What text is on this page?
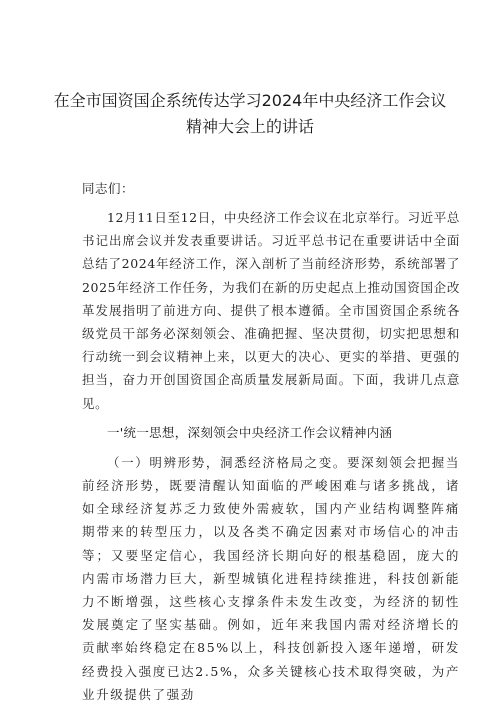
在全市国资国企系统传达学习2024年中央经济工作会议
精神大会上的讲话
同志们：

12月11日至12日，中央经济工作会议在北京举行。习近平总书记出席会议并发表重要讲话。习近平总书记在重要讲话中全面总结了2024年经济工作，深入剖析了当前经济形势，系统部署了2025年经济工作任务，为我们在新的历史起点上推动国资国企改革发展指明了前进方向、提供了根本遵循。全市国资国企系统各级党员干部务必深刻领会、准确把握、坚决贯彻，切实把思想和行动统一到会议精神上来，以更大的决心、更实的举措、更强的担当，奋力开创国资国企高质量发展新局面。下面，我讲几点意见。

一'统一思想，深刻领会中央经济工作会议精神内涵

（一）明辨形势，洞悉经济格局之变。要深刻领会把握当前经济形势，既要清醒认知面临的严峻困难与诸多挑战，诸如全球经济复苏乏力致使外需疲软，国内产业结构调整阵痛期带来的转型压力，以及各类不确定因素对市场信心的冲击等；又要坚定信心，我国经济长期向好的根基稳固，庞大的内需市场潜力巨大，新型城镇化进程持续推进，科技创新能力不断增强，这些核心支撑条件未发生改变，为经济的韧性发展奠定了坚实基础。例如，近年来我国内需对经济增长的贡献率始终稳定在85%以上，科技创新投入逐年递增，研发经费投入强度已达2.5%，众多关键核心技术取得突破，为产业升级提供了强劲
